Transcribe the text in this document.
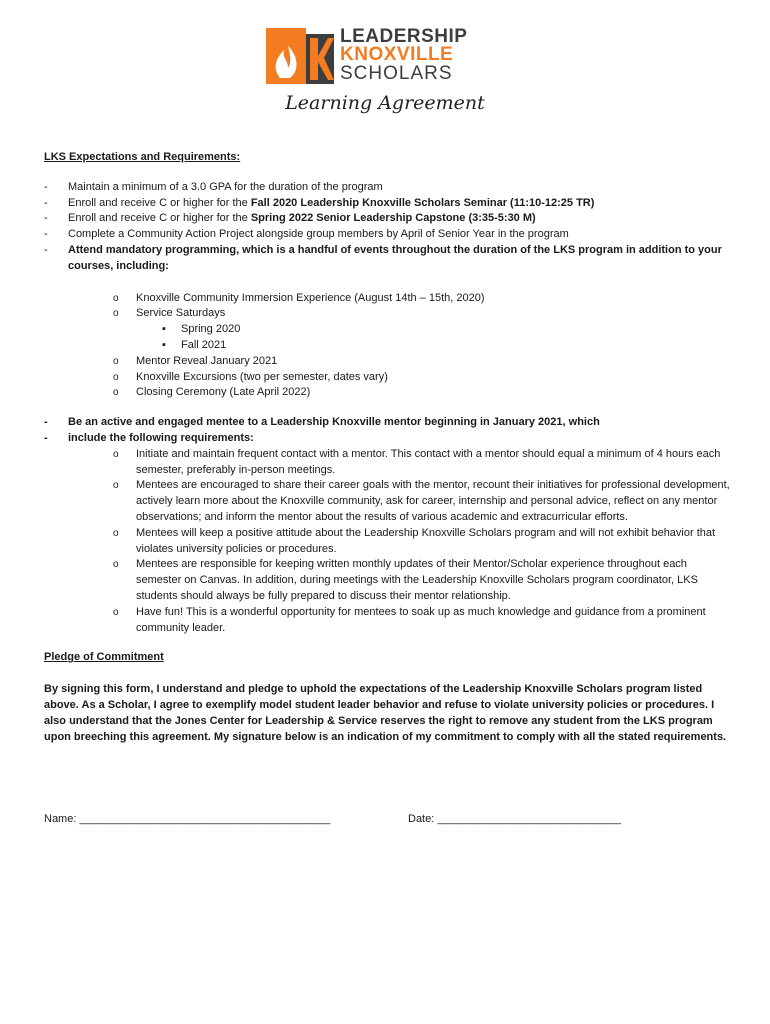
LEADERSHIP
KNOXVILLE
SCHOLARS
Learning Agreement
LKS Expectations and Requirements:
- Maintain a minimum of a 3.0 GPA for the duration of the program
- Enroll and receive C or higher for the Fall 2020 Leadership Knoxville Scholars Seminar (11:10-12:25 TR)
- Enroll and receive C or higher for the Spring 2022 Senior Leadership Capstone (3:35-5:30 M)
- Complete a Community Action Project alongside group members by April of Senior Year in the program
- Attend mandatory programming, which is a handful of events throughout the duration of the LKS program in addition to your courses, including:
o Knoxville Community Immersion Experience (August 14th – 15th, 2020)
o Service Saturdays
▪ Spring 2020
▪ Fall 2021
o Mentor Reveal January 2021
o Knoxville Excursions (two per semester, dates vary)
o Closing Ceremony (Late April 2022)
- Be an active and engaged mentee to a Leadership Knoxville mentor beginning in January 2021, which
- include the following requirements:
o Initiate and maintain frequent contact with a mentor. This contact with a mentor should equal a minimum of 4 hours each semester, preferably in-person meetings.
o Mentees are encouraged to share their career goals with the mentor, recount their initiatives for professional development, actively learn more about the Knoxville community, ask for career, internship and personal advice, reflect on any mentor observations; and inform the mentor about the results of various academic and extracurricular efforts.
o Mentees will keep a positive attitude about the Leadership Knoxville Scholars program and will not exhibit behavior that violates university policies or procedures.
o Mentees are responsible for keeping written monthly updates of their Mentor/Scholar experience throughout each semester on Canvas. In addition, during meetings with the Leadership Knoxville Scholars program coordinator, LKS students should always be fully prepared to discuss their mentor relationship.
o Have fun! This is a wonderful opportunity for mentees to soak up as much knowledge and guidance from a prominent community leader.
Pledge of Commitment

By signing this form, I understand and pledge to uphold the expectations of the Leadership Knoxville Scholars program listed above. As a Scholar, I agree to exemplify model student leader behavior and refuse to violate university policies or procedures. I also understand that the Jones Center for Leadership & Service reserves the right to remove any student from the LKS program upon breeching this agreement. My signature below is an indication of my commitment to comply with all the stated requirements.

Name: _________________________________________	Date: ______________________________
